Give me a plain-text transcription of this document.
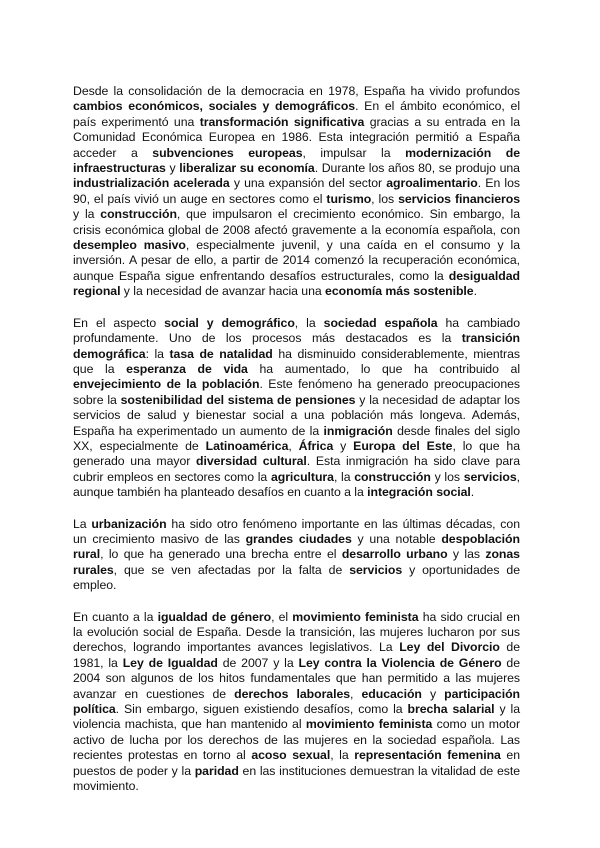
Desde la consolidación de la democracia en 1978, España ha vivido profundos cambios económicos, sociales y demográficos. En el ámbito económico, el país experimentó una transformación significativa gracias a su entrada en la Comunidad Económica Europea en 1986. Esta integración permitió a España acceder a subvenciones europeas, impulsar la modernización de infraestructuras y liberalizar su economía. Durante los años 80, se produjo una industrialización acelerada y una expansión del sector agroalimentario. En los 90, el país vivió un auge en sectores como el turismo, los servicios financieros y la construcción, que impulsaron el crecimiento económico. Sin embargo, la crisis económica global de 2008 afectó gravemente a la economía española, con desempleo masivo, especialmente juvenil, y una caída en el consumo y la inversión. A pesar de ello, a partir de 2014 comenzó la recuperación económica, aunque España sigue enfrentando desafíos estructurales, como la desigualdad regional y la necesidad de avanzar hacia una economía más sostenible.

En el aspecto social y demográfico, la sociedad española ha cambiado profundamente. Uno de los procesos más destacados es la transición demográfica: la tasa de natalidad ha disminuido considerablemente, mientras que la esperanza de vida ha aumentado, lo que ha contribuido al envejecimiento de la población. Este fenómeno ha generado preocupaciones sobre la sostenibilidad del sistema de pensiones y la necesidad de adaptar los servicios de salud y bienestar social a una población más longeva. Además, España ha experimentado un aumento de la inmigración desde finales del siglo XX, especialmente de Latinoamérica, África y Europa del Este, lo que ha generado una mayor diversidad cultural. Esta inmigración ha sido clave para cubrir empleos en sectores como la agricultura, la construcción y los servicios, aunque también ha planteado desafíos en cuanto a la integración social.

La urbanización ha sido otro fenómeno importante en las últimas décadas, con un crecimiento masivo de las grandes ciudades y una notable despoblación rural, lo que ha generado una brecha entre el desarrollo urbano y las zonas rurales, que se ven afectadas por la falta de servicios y oportunidades de empleo.

En cuanto a la igualdad de género, el movimiento feminista ha sido crucial en la evolución social de España. Desde la transición, las mujeres lucharon por sus derechos, logrando importantes avances legislativos. La Ley del Divorcio de 1981, la Ley de Igualdad de 2007 y la Ley contra la Violencia de Género de 2004 son algunos de los hitos fundamentales que han permitido a las mujeres avanzar en cuestiones de derechos laborales, educación y participación política. Sin embargo, siguen existiendo desafíos, como la brecha salarial y la violencia machista, que han mantenido al movimiento feminista como un motor activo de lucha por los derechos de las mujeres en la sociedad española. Las recientes protestas en torno al acoso sexual, la representación femenina en puestos de poder y la paridad en las instituciones demuestran la vitalidad de este movimiento.
